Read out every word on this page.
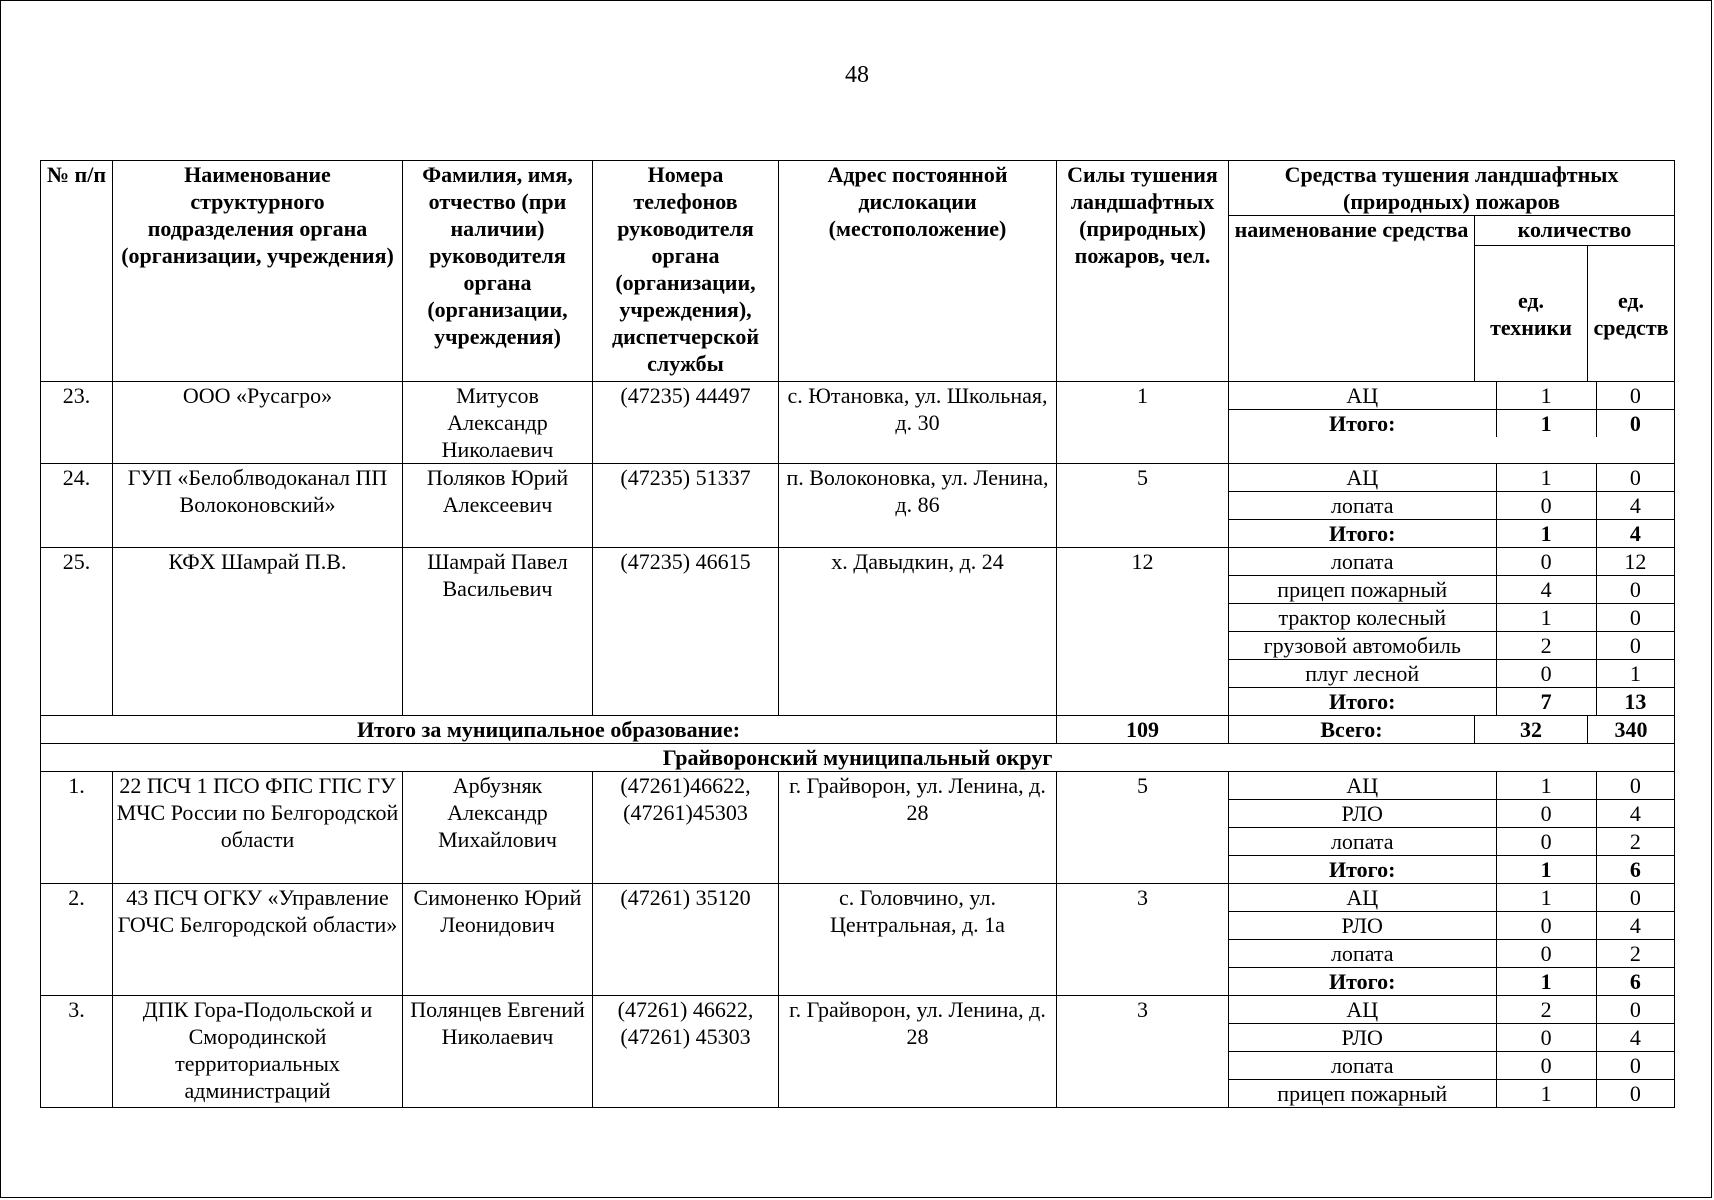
48
№ п/п	Наименование структурного подразделения органа (организации, учреждения)	Фамилия, имя, отчество (при наличии) руководителя органа (организации, учреждения)	Номера телефонов руководителя органа (организации, учреждения), диспетчерской службы	Адрес постоянной дислокации (местоположение)	Силы тушения ландшафтных (природных) пожаров, чел.	Средства тушения ландшафтных (природных) пожаров
наименование средства	количество
ед. техники	ед. средств
23.	ООО «Русагро»	Митусов Александр Николаевич	(47235) 44497	с. Ютановка, ул. Школьная, д. 30	1		АЦ	1	0
Итого:	1	0

24.	ГУП «Белоблводоканал ПП Волоконовский»	Поляков Юрий Алексеевич	(47235) 51337	п. Волоконовка, ул. Ленина, д. 86	5		АЦ	1	0
лопата	0	4
Итого:	1	4

25.	КФХ Шамрай П.В.	Шамрай Павел Васильевич	(47235) 46615	х. Давыдкин, д. 24	12		лопата	0	12
прицеп пожарный	4	0
трактор колесный	1	0
грузовой автомобиль	2	0
плуг лесной	0	1
Итого:	7	13

Итого за муниципальное образование:	109	Всего:	32	340
Грайворонский муниципальный округ
1.	22 ПСЧ 1 ПСО ФПС ГПС ГУ МЧС России по Белгородской области	Арбузняк Александр Михайлович	(47261)46622, (47261)45303	г. Грайворон, ул. Ленина, д. 28	5		АЦ	1	0
РЛО	0	4
лопата	0	2
Итого:	1	6

2.	43 ПСЧ ОГКУ «Управление ГОЧС Белгородской области»	Симоненко Юрий Леонидович	(47261) 35120	с. Головчино, ул. Центральная, д. 1а	3		АЦ	1	0
РЛО	0	4
лопата	0	2
Итого:	1	6

3.	ДПК Гора-Подольской и Смородинской территориальных администраций	Полянцев Евгений Николаевич	(47261) 46622, (47261) 45303	г. Грайворон, ул. Ленина, д. 28	3		АЦ	2	0
РЛО	0	4
лопата	0	0
прицеп пожарный	1	0
